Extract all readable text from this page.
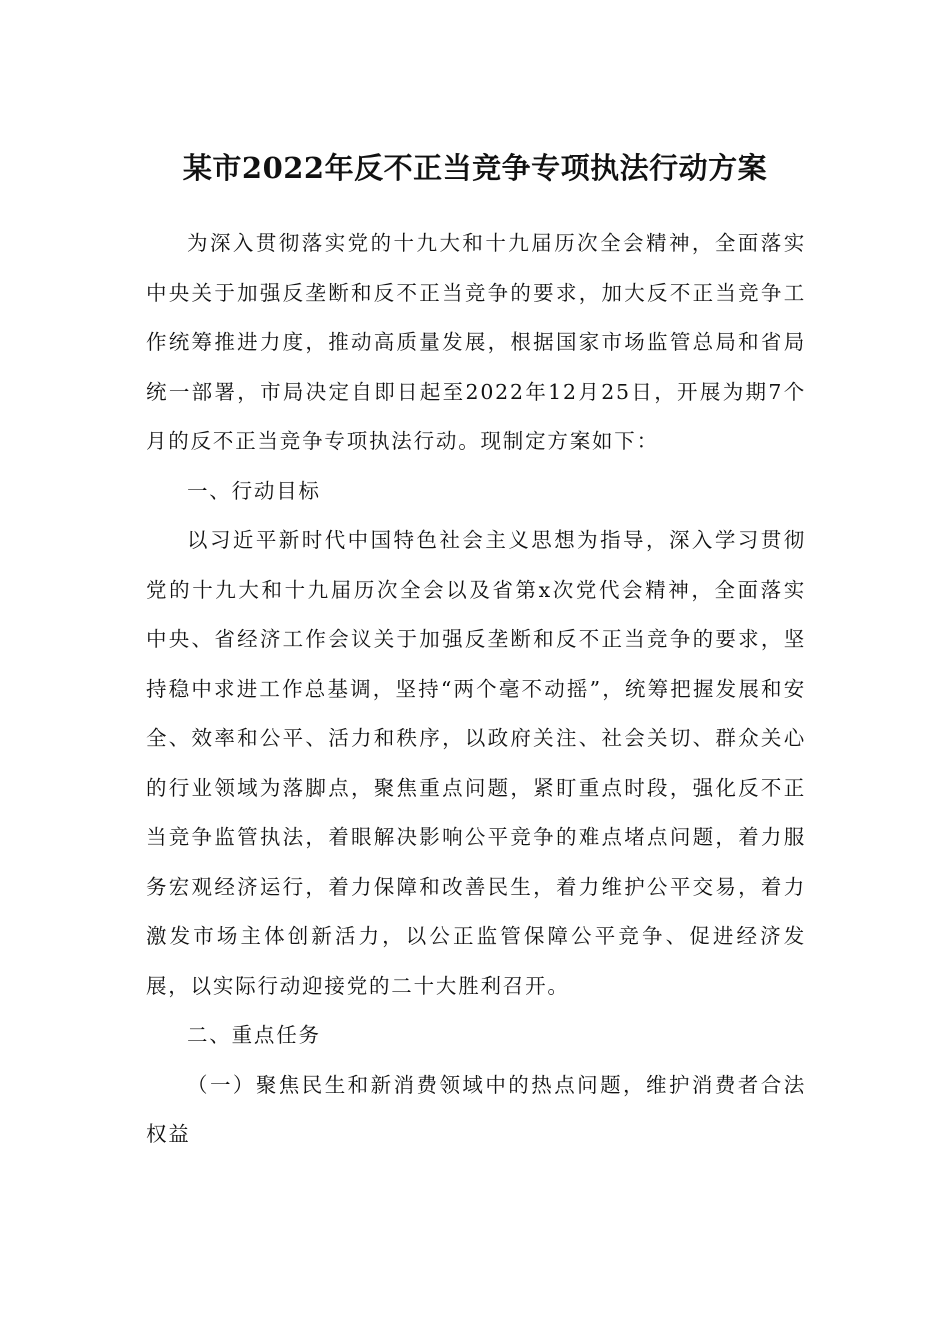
某市2022年反不正当竞争专项执法行动方案

为深入贯彻落实党的十九大和十九届历次全会精神，全面落实中央关于加强反垄断和反不正当竞争的要求，加大反不正当竞争工作统筹推进力度，推动高质量发展，根据国家市场监管总局和省局统一部署，市局决定自即日起至2022年12月25日，开展为期7个月的反不正当竞争专项执法行动。现制定方案如下：

一、行动目标

以习近平新时代中国特色社会主义思想为指导，深入学习贯彻党的十九大和十九届历次全会以及省第x次党代会精神，全面落实中央、省经济工作会议关于加强反垄断和反不正当竞争的要求，坚持稳中求进工作总基调，坚持“两个毫不动摇”，统筹把握发展和安全、效率和公平、活力和秩序，以政府关注、社会关切、群众关心的行业领域为落脚点，聚焦重点问题，紧盯重点时段，强化反不正当竞争监管执法，着眼解决影响公平竞争的难点堵点问题，着力服务宏观经济运行，着力保障和改善民生，着力维护公平交易，着力激发市场主体创新活力，以公正监管保障公平竞争、促进经济发展，以实际行动迎接党的二十大胜利召开。

二、重点任务

（一）聚焦民生和新消费领域中的热点问题，维护消费者合法权益
